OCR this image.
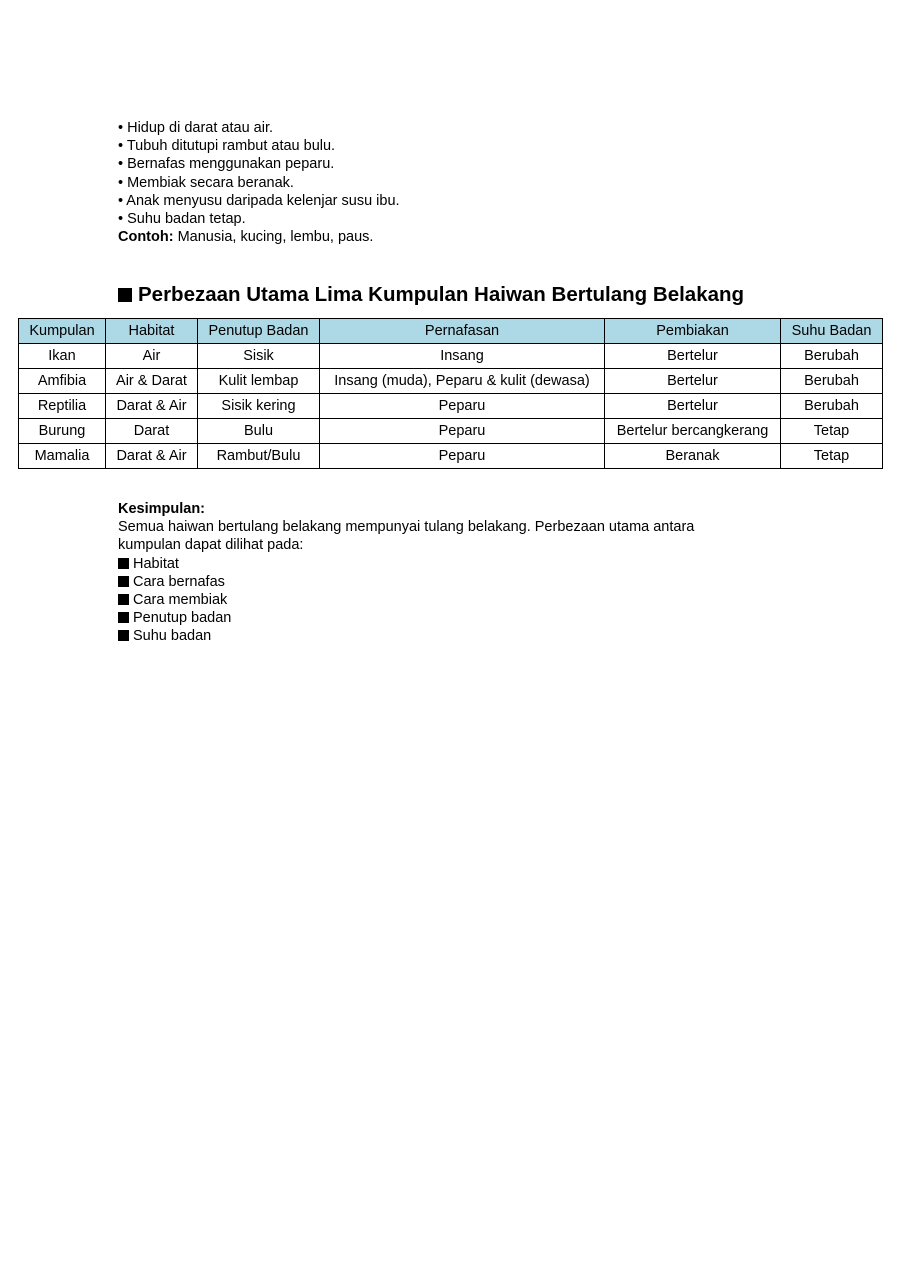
• Hidup di darat atau air.
• Tubuh ditutupi rambut atau bulu.
• Bernafas menggunakan peparu.
• Membiak secara beranak.
• Anak menyusu daripada kelenjar susu ibu.
• Suhu badan tetap.
Contoh: Manusia, kucing, lembu, paus.
Perbezaan Utama Lima Kumpulan Haiwan Bertulang Belakang
Kumpulan	Habitat	Penutup Badan	Pernafasan	Pembiakan	Suhu Badan
Ikan	Air	Sisik	Insang	Bertelur	Berubah
Amfibia	Air & Darat	Kulit lembap	Insang (muda), Peparu & kulit (dewasa)	Bertelur	Berubah
Reptilia	Darat & Air	Sisik kering	Peparu	Bertelur	Berubah
Burung	Darat	Bulu	Peparu	Bertelur bercangkerang	Tetap
Mamalia	Darat & Air	Rambut/Bulu	Peparu	Beranak	Tetap
Kesimpulan:
Semua haiwan bertulang belakang mempunyai tulang belakang. Perbezaan utama antara
kumpulan dapat dilihat pada:
Habitat
Cara bernafas
Cara membiak
Penutup badan
Suhu badan
